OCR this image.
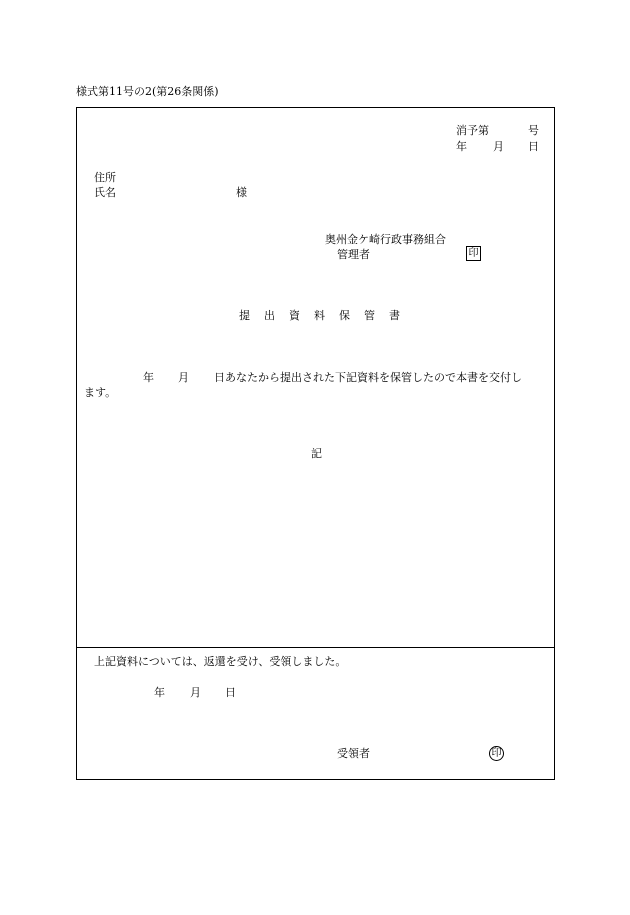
様式第11号の2(第26条関係)
消予第	号
年 月 日
住所
氏名	様
奥州金ケ崎行政事務組合
管理者	印
提出資料保管書
年 月 日あなたから提出された下記資料を保管したので本書を交付し
ます。
記
上記資料については、返還を受け、受領しました。
年 月 日
受領者	印
